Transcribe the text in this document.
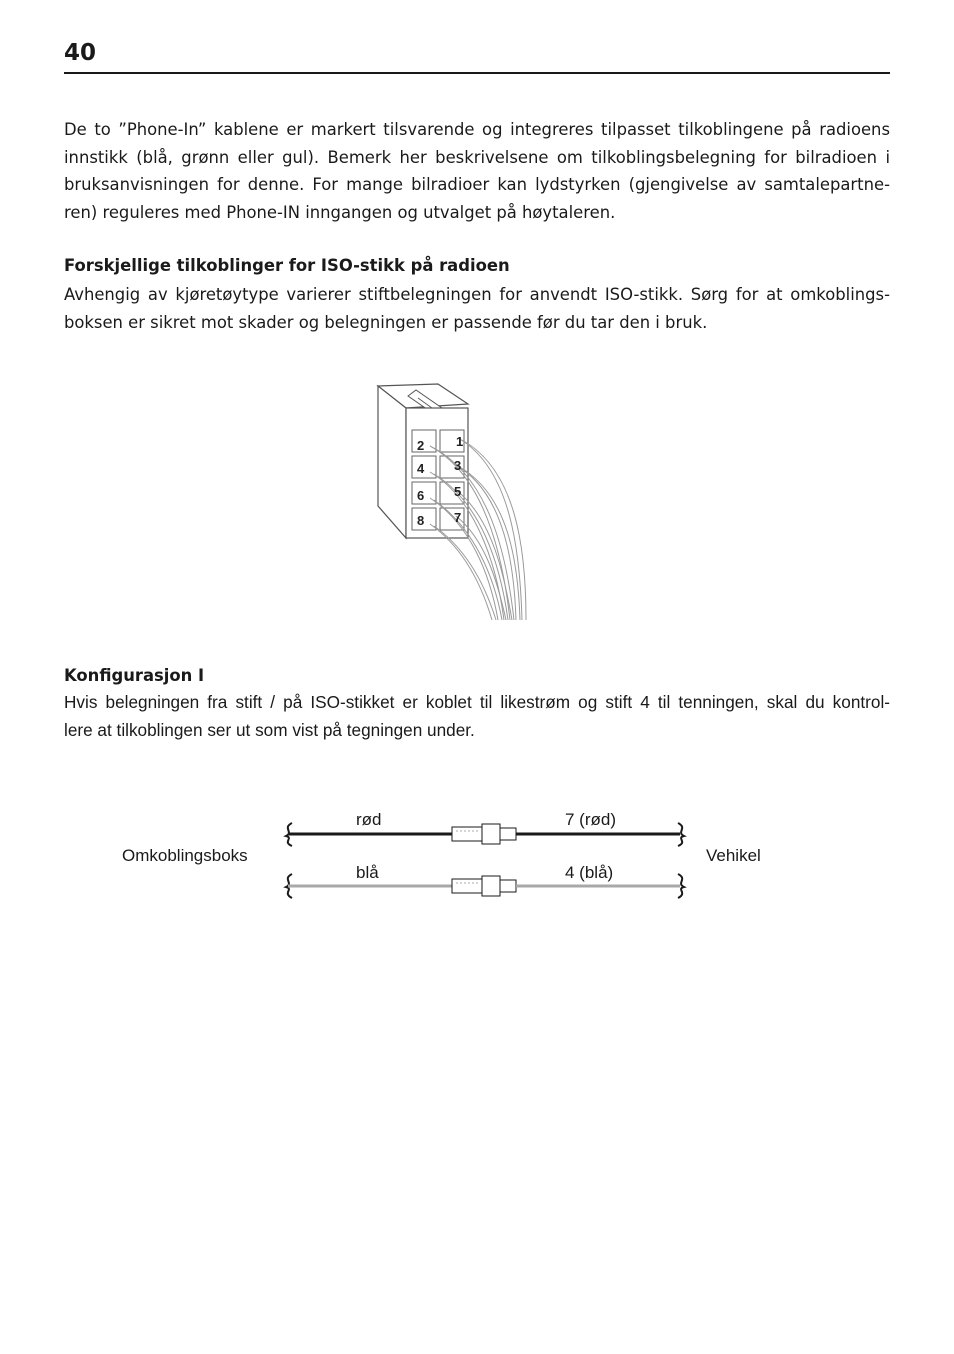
40
De to ”Phone-In” kablene er markert tilsvarende og integreres tilpasset tilkoblingene på radioens
innstikk (blå, grønn eller gul). Bemerk her beskrivelsene om tilkoblingsbelegning for bilradioen i
bruksanvisningen for denne. For mange bilradioer kan lydstyrken (gjengivelse av samtalepartne-
ren) reguleres med Phone-IN inngangen og utvalget på høytaleren.
Forskjellige tilkoblinger for ISO-stikk på radioen
Avhengig av kjøretøytype varierer stiftbelegningen for anvendt ISO-stikk. Sørg for at omkoblings-
boksen er sikret mot skader og belegningen er passende før du tar den i bruk.
2 1
4 3
6 5
8 7
Konfigurasjon I
Hvis belegningen fra stift / på ISO-stikket er koblet til likestrøm og stift 4 til tenningen, skal du kontrol-
lere at tilkoblingen ser ut som vist på tegningen under.
Omkoblingsboks	Vehikel
rød	7 (rød)
blå	4 (blå)
